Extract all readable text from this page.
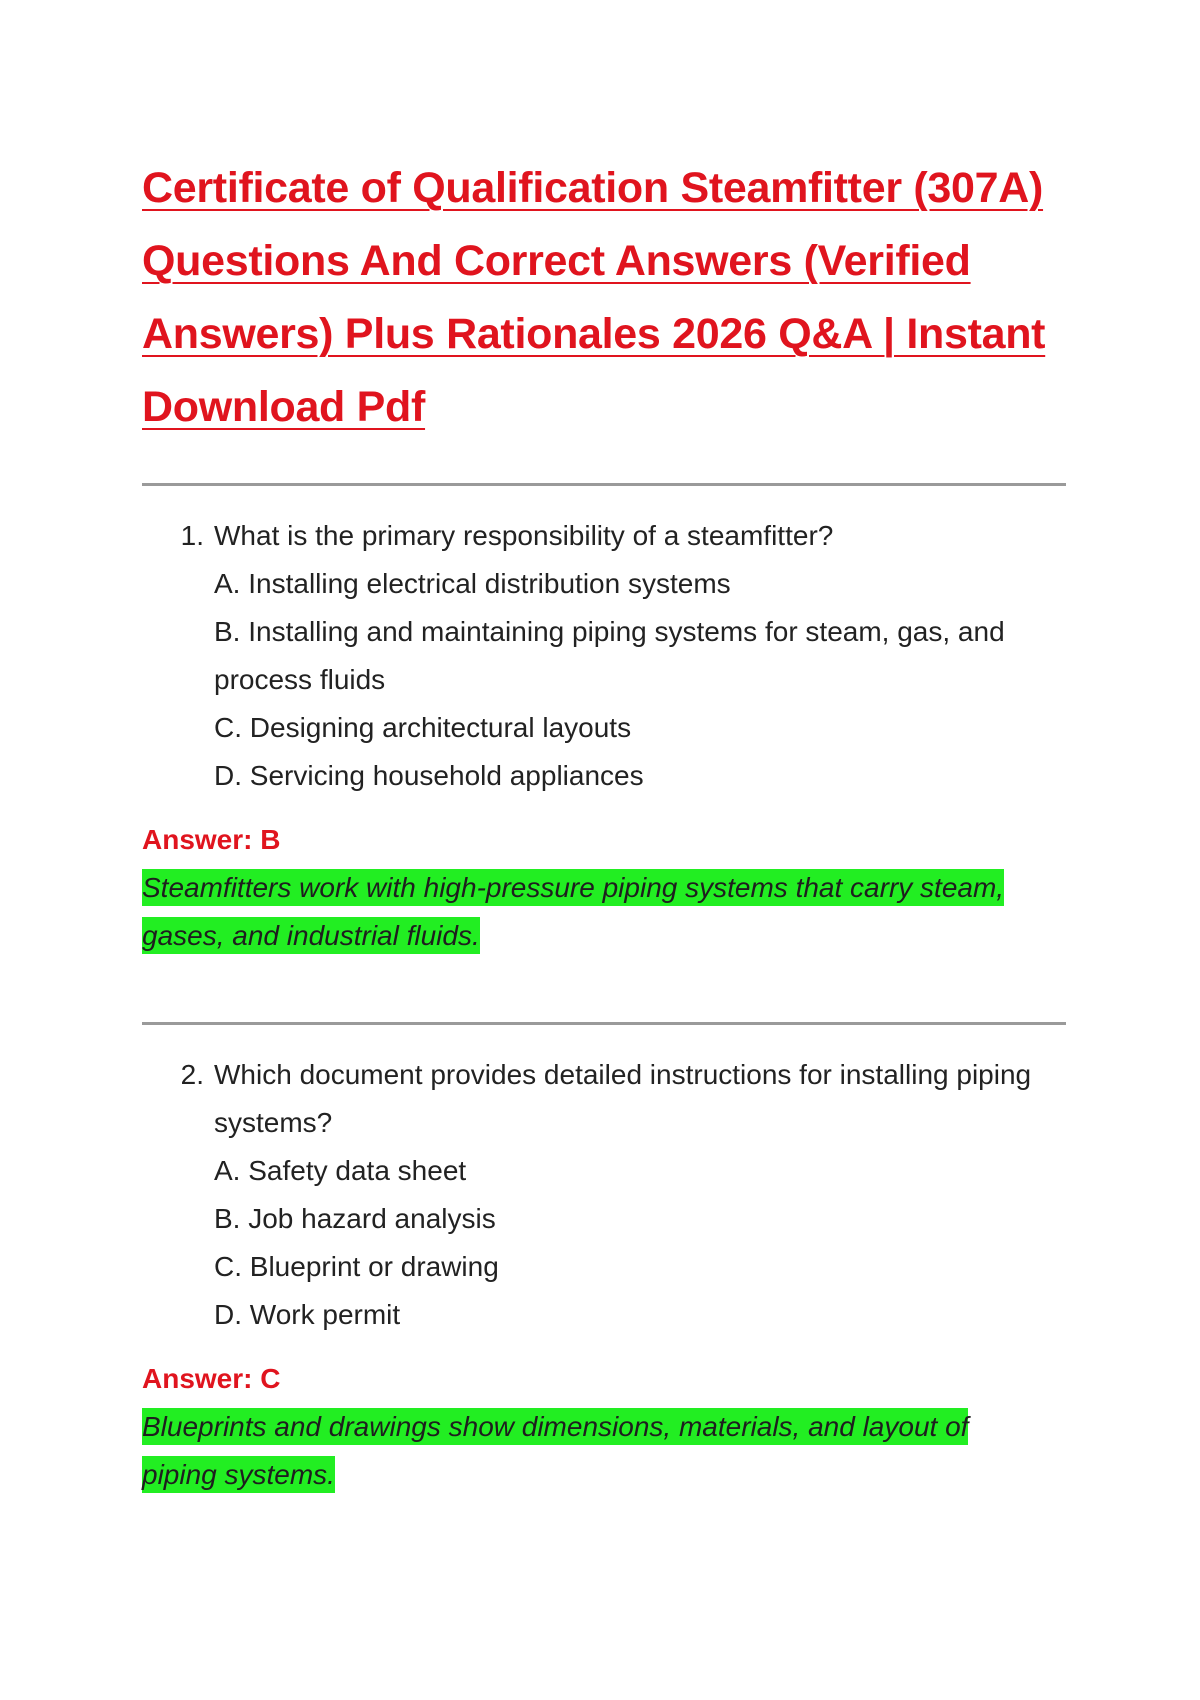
Certificate of Qualification Steamfitter (307A) Questions And Correct Answers (Verified Answers) Plus Rationales 2026 Q&A | Instant Download Pdf
1. What is the primary responsibility of a steamfitter?
A. Installing electrical distribution systems
B. Installing and maintaining piping systems for steam, gas, and process fluids
C. Designing architectural layouts
D. Servicing household appliances

Answer: B

Steamfitters work with high-pressure piping systems that carry steam, gases, and industrial fluids.

2. Which document provides detailed instructions for installing piping systems?
A. Safety data sheet
B. Job hazard analysis
C. Blueprint or drawing
D. Work permit

Answer: C

Blueprints and drawings show dimensions, materials, and layout of piping systems.
